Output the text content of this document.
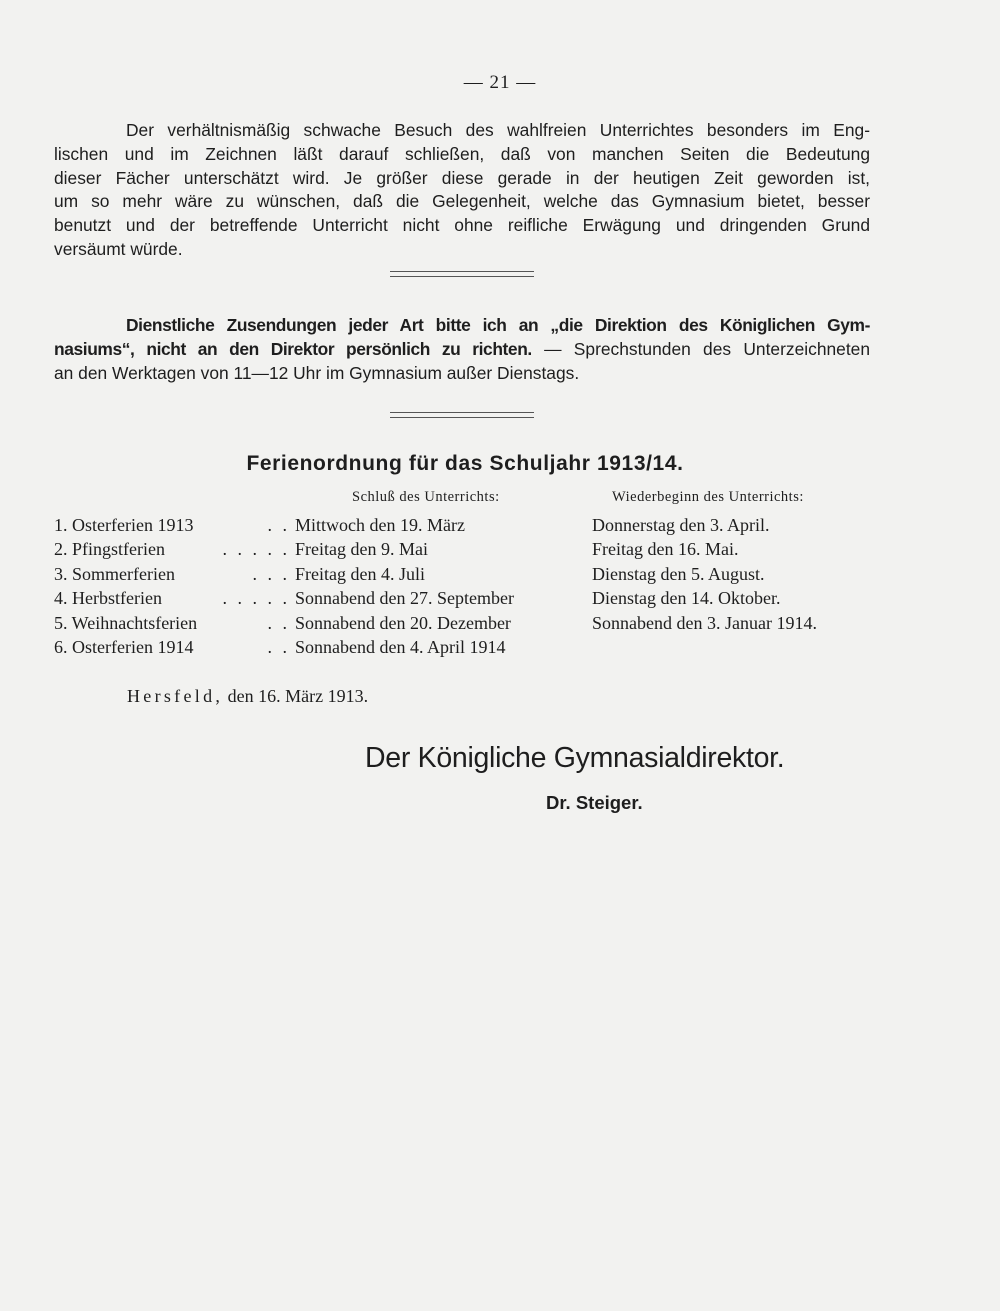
— 21 —
Der verhältnismäßig schwache Besuch des wahlfreien Unterrichtes besonders im Eng-
lischen und im Zeichnen läßt darauf schließen, daß von manchen Seiten die Bedeutung
dieser Fächer unterschätzt wird. Je größer diese gerade in der heutigen Zeit geworden ist,
um so mehr wäre zu wünschen, daß die Gelegenheit, welche das Gymnasium bietet, besser
benutzt und der betreffende Unterricht nicht ohne reifliche Erwägung und dringenden Grund
versäumt würde.
Dienstliche Zusendungen jeder Art bitte ich an „die Direktion des Königlichen Gym-
nasiums“, nicht an den Direktor persönlich zu richten. — Sprechstunden des Unterzeichneten
an den Werktagen von 11—12 Uhr im Gymnasium außer Dienstags.
Ferienordnung für das Schuljahr 1913/14.
Schluß des Unterrichts:	Wiederbeginn des Unterrichts:
1. Osterferien 1913	. . Mittwoch den 19. März	Donnerstag den 3. April.
2. Pfingstferien	. . . . . Freitag den 9. Mai	Freitag den 16. Mai.
3. Sommerferien	. . . Freitag den 4. Juli	Dienstag den 5. August.
4. Herbstferien	. . . . . Sonnabend den 27. September	Dienstag den 14. Oktober.
5. Weihnachtsferien	. . Sonnabend den 20. Dezember	Sonnabend den 3. Januar 1914.
6. Osterferien 1914	. . Sonnabend den 4. April 1914
Hersfeld, den 16. März 1913.
Der Königliche Gymnasialdirektor.
Dr. Steiger.
